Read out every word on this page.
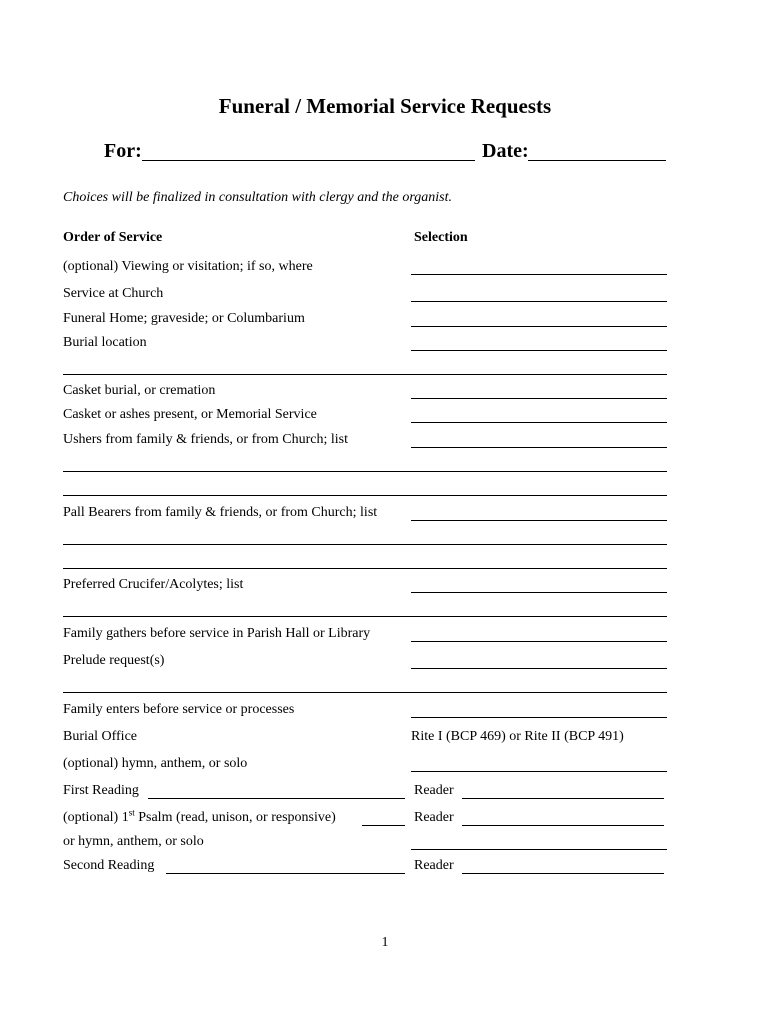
Funeral / Memorial Service Requests
For:	Date:
Choices will be finalized in consultation with clergy and the organist.
Order of Service	Selection
(optional) Viewing or visitation; if so, where
Service at Church
Funeral Home; graveside; or Columbarium
Burial location
Casket burial, or cremation
Casket or ashes present, or Memorial Service
Ushers from family & friends, or from Church; list
Pall Bearers from family & friends, or from Church; list
Preferred Crucifer/Acolytes; list
Family gathers before service in Parish Hall or Library
Prelude request(s)
Family enters before service or processes
Burial Office	Rite I (BCP 469) or Rite II (BCP 491)
(optional) hymn, anthem, or solo
First Reading	Reader
(optional) 1st Psalm (read, unison, or responsive)	Reader
or hymn, anthem, or solo
Second Reading	Reader
1
